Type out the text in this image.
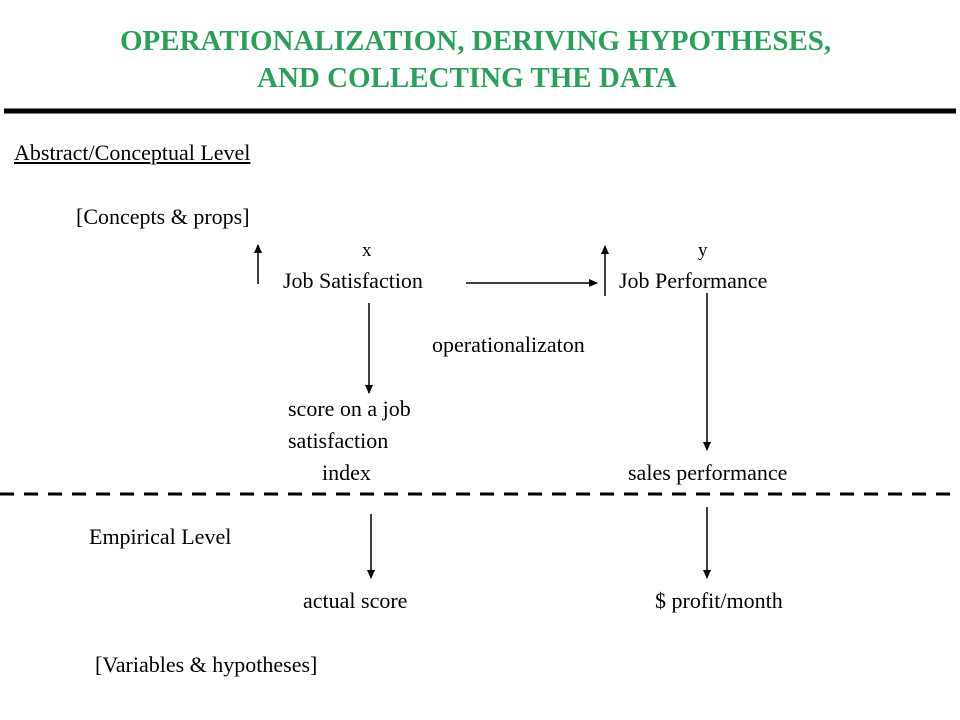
OPERATIONALIZATION, DERIVING HYPOTHESES,
AND COLLECTING THE DATA
Abstract/Conceptual Level
[Concepts & props]
x	y
Job Satisfaction	Job Performance
operationalizaton
score on a job
satisfaction
index	sales performance
Empirical Level
actual score	$ profit/month
[Variables & hypotheses]
